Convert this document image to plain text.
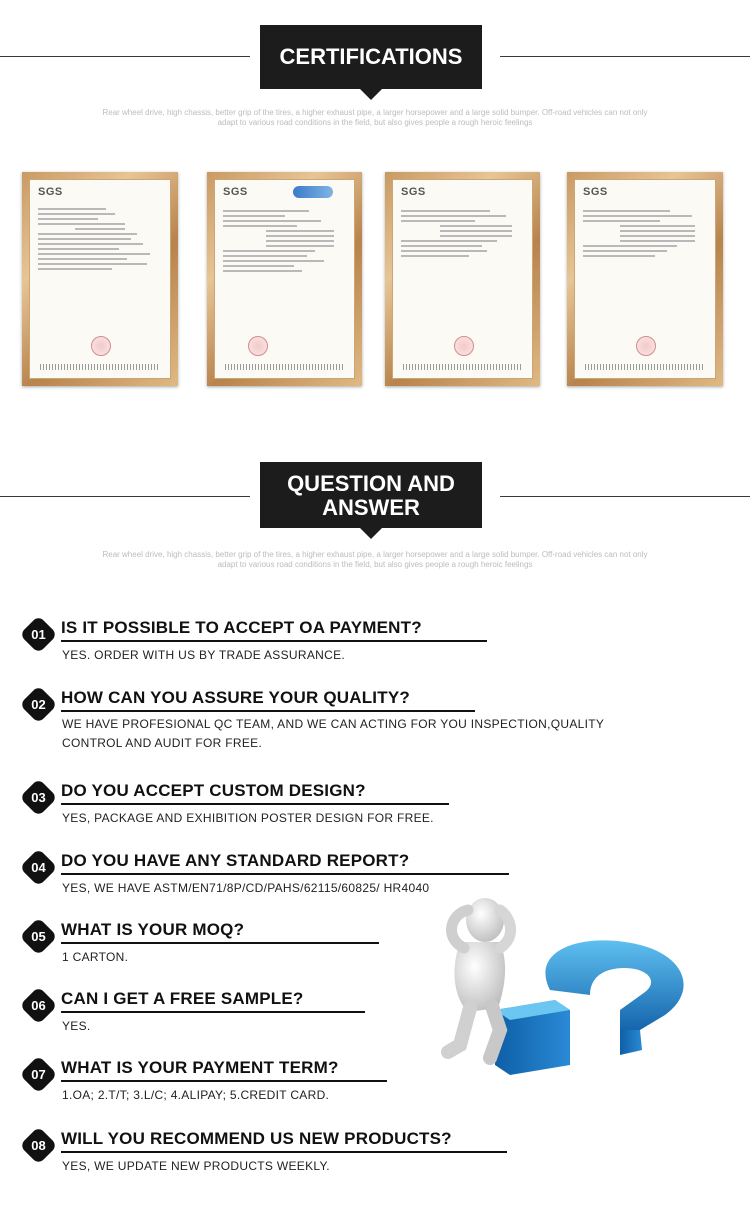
CERTIFICATIONS
Rear wheel drive, high chassis, better grip of the tires, a higher exhaust pipe, a larger horsepower and a large solid bumper. Off-road vehicles can not only
adapt to various road conditions in the field, but also gives people a rough heroic feelings
SGS	SGS	SGS	SGS
QUESTION AND
ANSWER
Rear wheel drive, high chassis, better grip of the tires, a higher exhaust pipe, a larger horsepower and a large solid bumper. Off-road vehicles can not only
adapt to various road conditions in the field, but also gives people a rough heroic feelings
01 IS IT POSSIBLE TO ACCEPT OA PAYMENT?
YES. ORDER WITH US BY TRADE ASSURANCE.
02 HOW CAN YOU ASSURE YOUR QUALITY?
WE HAVE PROFESIONAL QC TEAM, AND WE CAN ACTING FOR YOU INSPECTION,QUALITY
CONTROL AND AUDIT FOR FREE.
03 DO YOU ACCEPT CUSTOM DESIGN?
YES, PACKAGE AND EXHIBITION POSTER DESIGN FOR FREE.
04 DO YOU HAVE ANY STANDARD REPORT?
YES, WE HAVE ASTM/EN71/8P/CD/PAHS/62115/60825/ HR4040
05 WHAT IS YOUR MOQ?
1 CARTON.
06 CAN I GET A FREE SAMPLE?
YES.
07 WHAT IS YOUR PAYMENT TERM?
1.OA; 2.T/T; 3.L/C; 4.ALIPAY; 5.CREDIT CARD.
08 WILL YOU RECOMMEND US NEW PRODUCTS?
YES, WE UPDATE NEW PRODUCTS WEEKLY.
